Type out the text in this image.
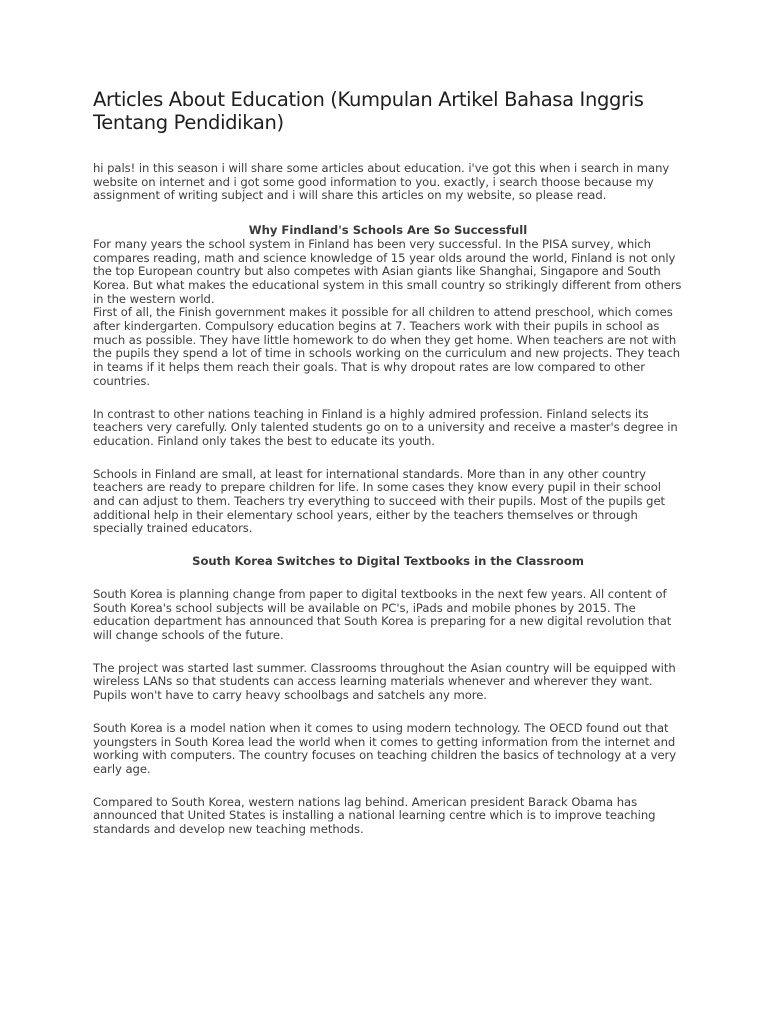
Articles About Education (Kumpulan Artikel Bahasa Inggris Tentang Pendidikan)

hi pals! in this season i will share some articles about education. i've got this when i search in many website on internet and i got some good information to you. exactly, i search thoose because my assignment of writing subject and i will share this articles on my website, so please read.

Why Findland's Schools Are So Successfull

For many years the school system in Finland has been very successful. In the PISA survey, which compares reading, math and science knowledge of 15 year olds around the world, Finland is not only the top European country but also competes with Asian giants like Shanghai, Singapore and South Korea. But what makes the educational system in this small country so strikingly different from others in the western world.

First of all, the Finish government makes it possible for all children to attend preschool, which comes after kindergarten. Compulsory education begins at 7. Teachers work with their pupils in school as much as possible. They have little homework to do when they get home. When teachers are not with the pupils they spend a lot of time in schools working on the curriculum and new projects. They teach in teams if it helps them reach their goals. That is why dropout rates are low compared to other countries.

In contrast to other nations teaching in Finland is a highly admired profession. Finland selects its teachers very carefully. Only talented students go on to a university and receive a master's degree in education. Finland only takes the best to educate its youth.

Schools in Finland are small, at least for international standards. More than in any other country teachers are ready to prepare children for life. In some cases they know every pupil in their school and can adjust to them. Teachers try everything to succeed with their pupils. Most of the pupils get additional help in their elementary school years, either by the teachers themselves or through specially trained educators.

South Korea Switches to Digital Textbooks in the Classroom

South Korea is planning change from paper to digital textbooks in the next few years. All content of South Korea's school subjects will be available on PC's, iPads and mobile phones by 2015. The education department has announced that South Korea is preparing for a new digital revolution that will change schools of the future.

The project was started last summer. Classrooms throughout the Asian country will be equipped with wireless LANs so that students can access learning materials whenever and wherever they want. Pupils won't have to carry heavy schoolbags and satchels any more.

South Korea is a model nation when it comes to using modern technology. The OECD found out that youngsters in South Korea lead the world when it comes to getting information from the internet and working with computers. The country focuses on teaching children the basics of technology at a very early age.

Compared to South Korea, western nations lag behind. American president Barack Obama has announced that United States is installing a national learning centre which is to improve teaching standards and develop new teaching methods.
